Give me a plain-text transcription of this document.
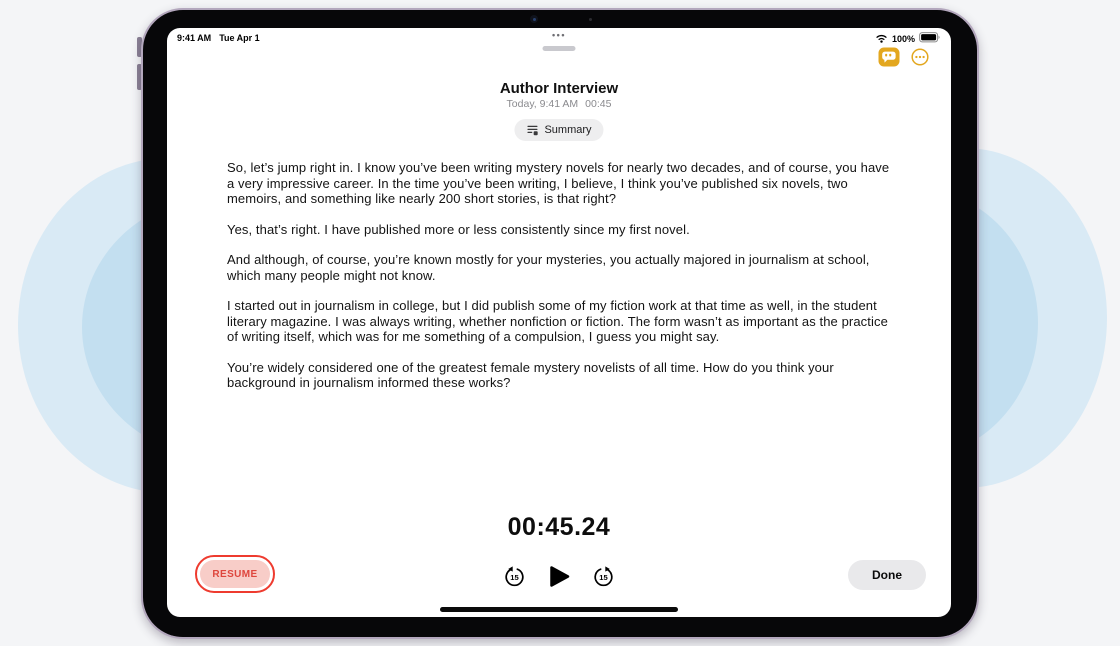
9:41 AM Tue Apr 1	100%
•••
Author Interview
Today, 9:41 AM 00:45
Summary

So, let’s jump right in. I know you’ve been writing mystery novels for nearly two decades, and of course, you have a very impressive career. In the time you’ve been writing, I believe, I think you’ve published six novels, two memoirs, and something like nearly 200 short stories, is that right?

Yes, that’s right. I have published more or less consistently since my first novel.

And although, of course, you’re known mostly for your mysteries, you actually majored in journalism at school, which many people might not know.

I started out in journalism in college, but I did publish some of my fiction work at that time as well, in the student literary magazine. I was always writing, whether nonfiction or fiction. The form wasn’t as important as the practice of writing itself, which was for me something of a compulsion, I guess you might say.

You’re widely considered one of the greatest female mystery novelists of all time. How do you think your background in journalism informed these works?

00:45.24
15	15
RESUME	Done
